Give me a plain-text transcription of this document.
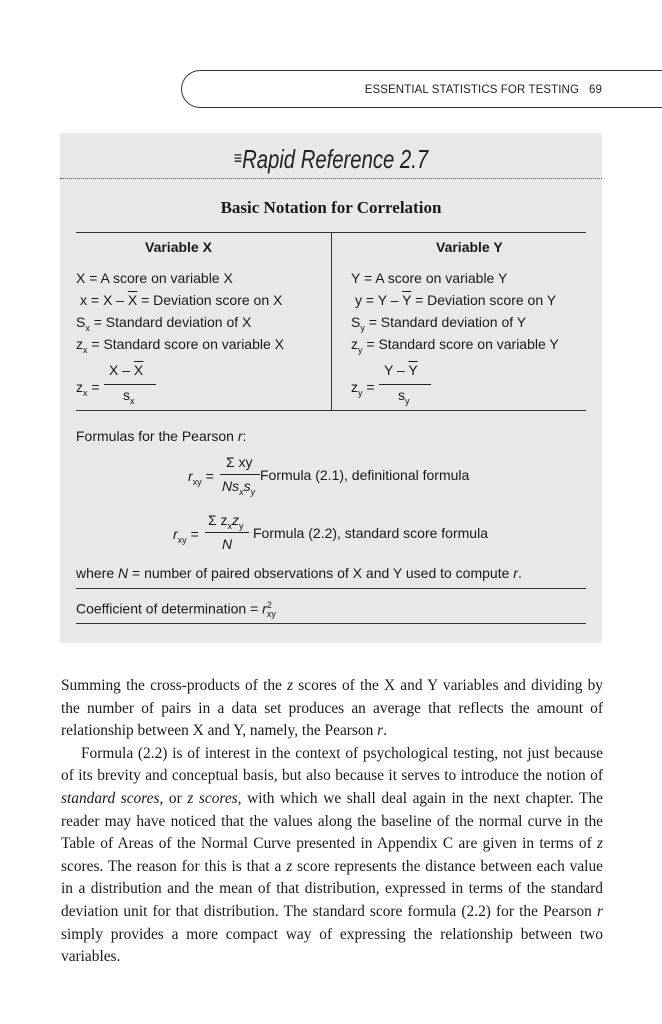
ESSENTIAL STATISTICS FOR TESTING 69
≡Rapid Reference 2.7
Basic Notation for Correlation
Variable X	Variable Y
X = A score on variable X
$x = X - \overline{X}$ = Deviation score on X
$S_x$ = Standard deviation of X
$z_x$ = Standard score on variable X
Y = A score on variable Y
$y = Y - \overline{Y}$ = Deviation score on Y
$S_y$ = Standard deviation of Y
$z_y$ = Standard score on variable Y
$z_x$ =
X – $\overline{X}$
$s_x$
$z_y$ =
Y – $\overline{Y}$
$s_y$
Formulas for the Pearson r:
$r_{xy}$ =
Σ xy
$Ns_xs_y$
Formula (2.1), definitional formula
$r_{xy}$ =
Σ $z_xz_y$
N
Formula (2.2), standard score formula
where N = number of paired observations of X and Y used to compute r.
Coefficient of determination = $r^2_{xy}$

Summing the cross-products of the z scores of the X and Y variables and dividing by the number of pairs in a data set produces an average that reflects the amount of relationship between X and Y, namely, the Pearson r.

Formula (2.2) is of interest in the context of psychological testing, not just because of its brevity and conceptual basis, but also because it serves to introduce the notion of standard scores, or z scores, with which we shall deal again in the next chapter. The reader may have noticed that the values along the baseline of the normal curve in the Table of Areas of the Normal Curve presented in Appendix C are given in terms of z scores. The reason for this is that a z score represents the distance between each value in a distribution and the mean of that distribution, expressed in terms of the standard deviation unit for that distribution. The standard score formula (2.2) for the Pearson r simply provides a more compact way of expressing the relationship between two variables.
